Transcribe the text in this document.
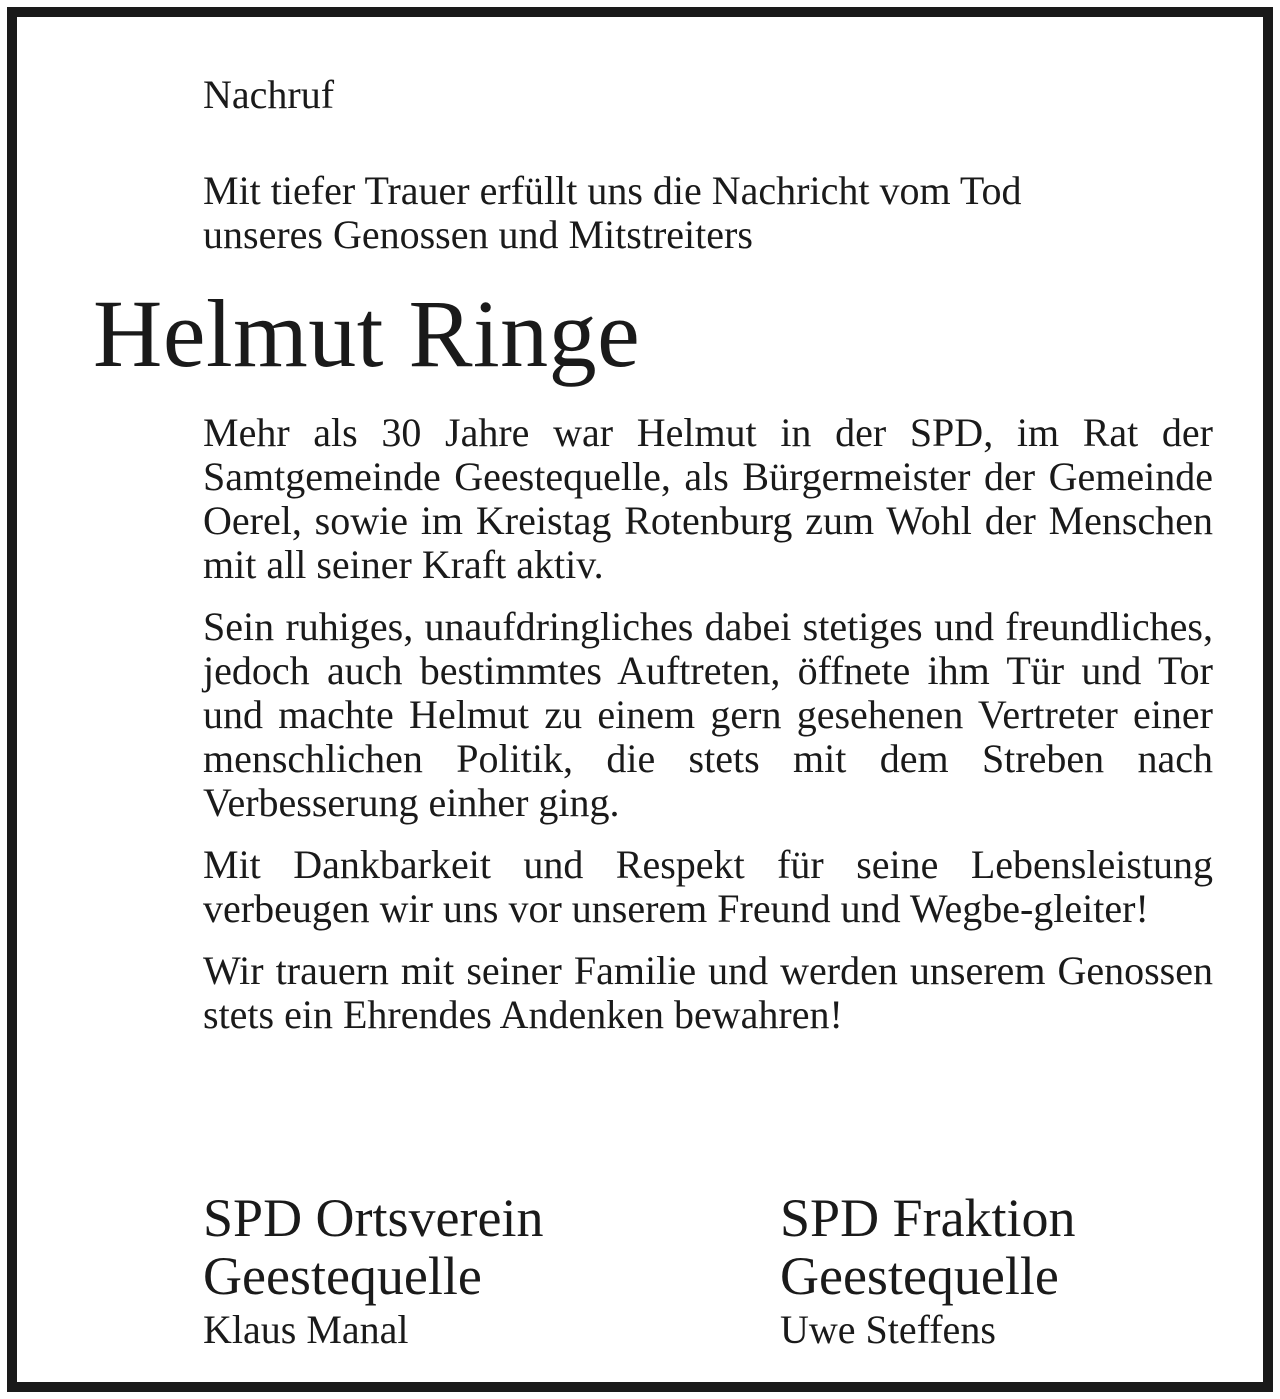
Nachruf
Mit tiefer Trauer erfüllt uns die Nachricht vom Tod
unseres Genossen und Mitstreiters
Helmut Ringe

Mehr als 30 Jahre war Helmut in der SPD, im Rat der Samtgemeinde Geestequelle, als Bürgermeister der Gemeinde Oerel, sowie im Kreistag Rotenburg zum Wohl der Menschen mit all seiner Kraft aktiv.

Sein ruhiges, unaufdringliches dabei stetiges und freundliches, jedoch auch bestimmtes Auftreten, öffnete ihm Tür und Tor und machte Helmut zu einem gern gesehenen Vertreter einer menschlichen Politik, die stets mit dem Streben nach Verbesserung einher ging.

Mit Dankbarkeit und Respekt für seine Lebensleistung verbeugen wir uns vor unserem Freund und Wegbe-gleiter!

Wir trauern mit seiner Familie und werden unserem Genossen stets ein Ehrendes Andenken bewahren!

SPD Ortsverein
Geestequelle
Klaus Manal
SPD Fraktion
Geestequelle
Uwe Steffens
